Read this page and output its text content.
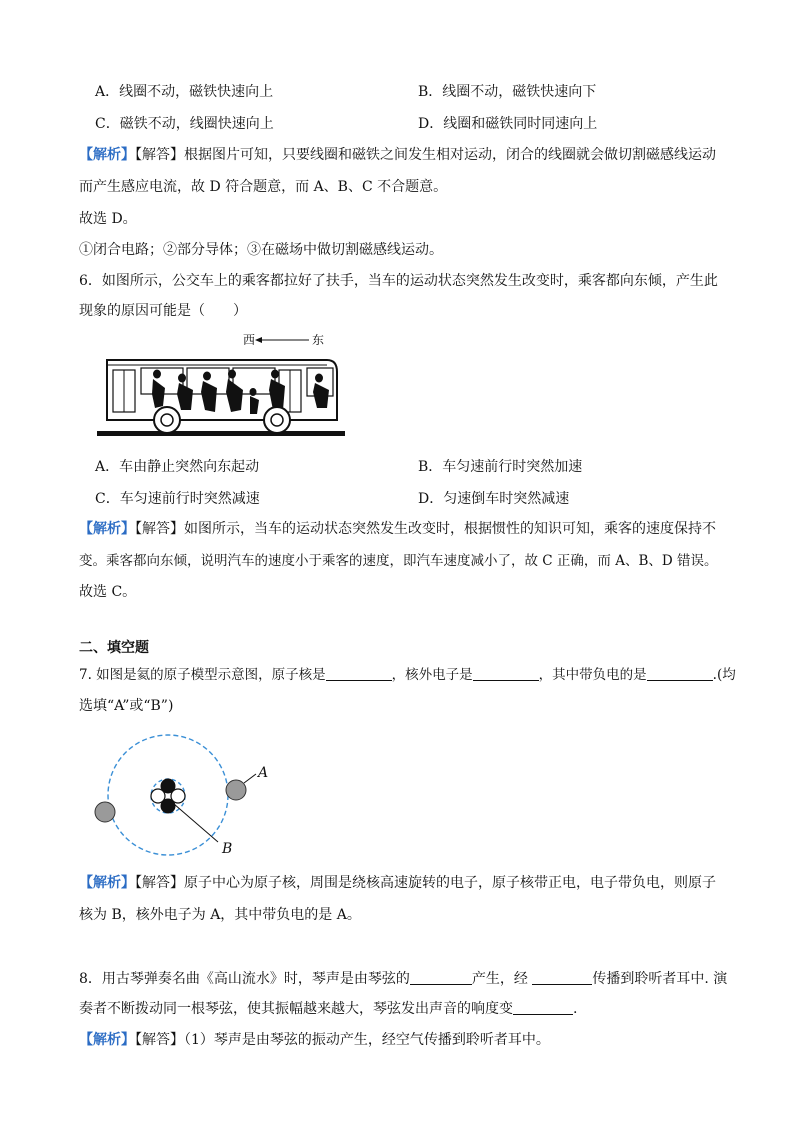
A．线圈不动，磁铁快速向上	B．线圈不动，磁铁快速向下
C．磁铁不动，线圈快速向上	D．线圈和磁铁同时同速向上
【解析】【解答】根据图片可知，只要线圈和磁铁之间发生相对运动，闭合的线圈就会做切割磁感线运动
而产生感应电流，故 D 符合题意，而 A、B、C 不合题意。
故选 D。
①闭合电路；②部分导体；③在磁场中做切割磁感线运动。
6．如图所示，公交车上的乘客都拉好了扶手，当车的运动状态突然发生改变时，乘客都向东倾，产生此
现象的原因可能是（　　）
西	东
A．车由静止突然向东起动	B．车匀速前行时突然加速
C．车匀速前行时突然减速	D．匀速倒车时突然减速
【解析】【解答】如图所示，当车的运动状态突然发生改变时，根据惯性的知识可知，乘客的速度保持不
变。乘客都向东倾，说明汽车的速度小于乘客的速度，即汽车速度减小了，故 C 正确，而 A、B、D 错误。
故选 C。
二、填空题
7. 如图是氦的原子模型示意图，原子核是	，核外电子是	，其中带负电的是	.(均
选填“A”或“B”)
A
B
【解析】【解答】原子中心为原子核，周围是绕核高速旋转的电子，原子核带正电，电子带负电，则原子
核为 B，核外电子为 A，其中带负电的是 A。
8．用古琴弹奏名曲《高山流水》时，琴声是由琴弦的	产生，经	传播到聆听者耳中. 演
奏者不断拨动同一根琴弦，使其振幅越来越大，琴弦发出声音的响度变	.
【解析】【解答】（1）琴声是由琴弦的振动产生，经空气传播到聆听者耳中。
